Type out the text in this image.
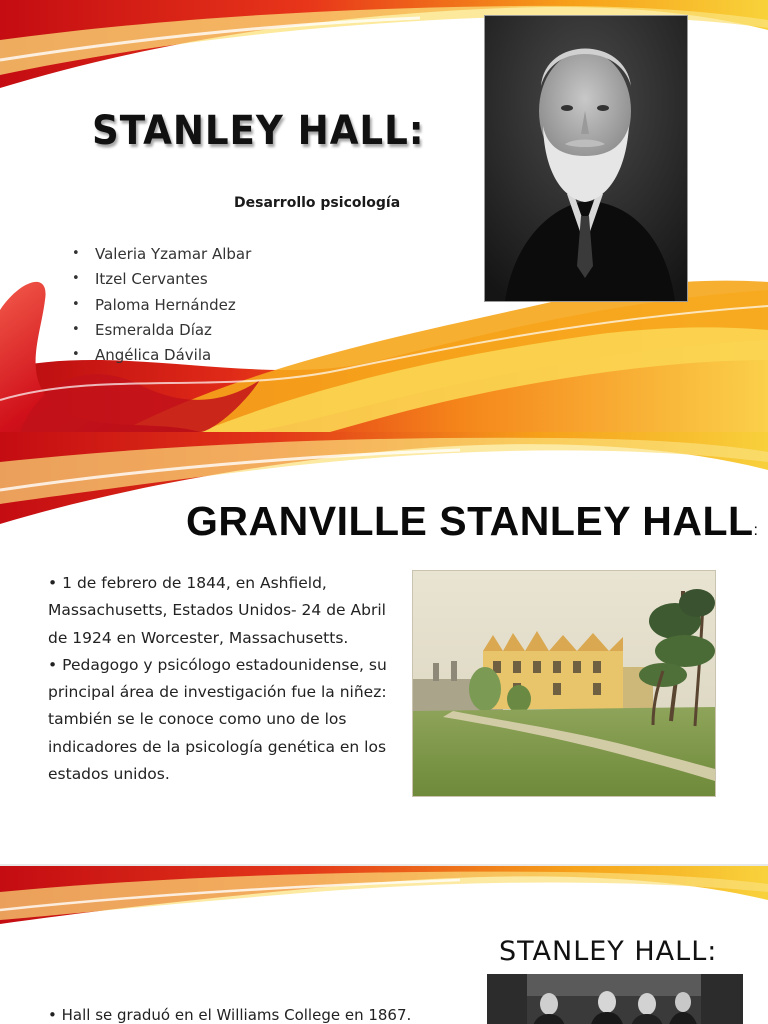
STANLEY HALL:
Desarrollo psicología
• Valeria Yzamar Albar
• Itzel Cervantes
• Paloma Hernández
• Esmeralda Díaz
• Angélica Dávila
GRANVILLE STANLEY HALL:

• 1 de febrero de 1844, en Ashfield, Massachusetts, Estados Unidos- 24 de Abril de 1924 en Worcester, Massachusetts.

• Pedagogo y psicólogo estadounidense, su principal área de investigación fue la niñez: también se le conoce como uno de los indicadores de la psicología genética en los estados unidos.

STANLEY HALL:
• Hall se graduó en el Williams College en 1867.
